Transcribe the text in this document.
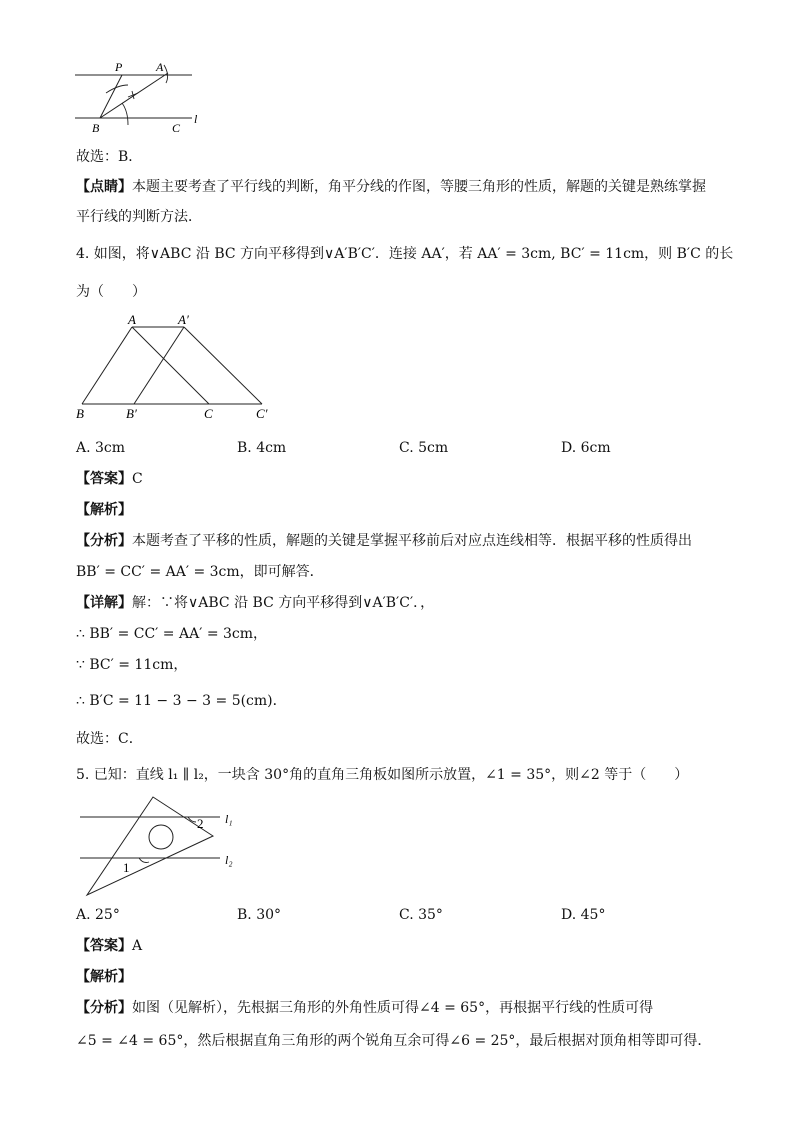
P	A
B	C
l
故选：B．
【点睛】本题主要考查了平行线的判断，角平分线的作图，等腰三角形的性质，解题的关键是熟练掌握
平行线的判断方法．
4. 如图，将∨ABC 沿 BC 方向平移得到∨A′B′C′．连接 AA′，若 AA′ = 3cm, BC′ = 11cm，则 B′C 的长
为（　　）
A	A′
B	B′	C	C′
A. 3cm	B. 4cm	C. 5cm	D. 6cm
【答案】C
【解析】
【分析】本题考查了平移的性质，解题的关键是掌握平移前后对应点连线相等．根据平移的性质得出
BB′ = CC′ = AA′ = 3cm，即可解答．
【详解】解：∵将∨ABC 沿 BC 方向平移得到∨A′B′C′．，
∴ BB′ = CC′ = AA′ = 3cm，
∵ BC′ = 11cm，
∴ B′C = 11 − 3 − 3 = 5(cm)．
故选：C．
5. 已知：直线 l₁ ∥ l₂，一块含 30°角的直角三角板如图所示放置，∠1 = 35°，则∠2 等于（　　）
2
1
l₁
l₂
A. 25°	B. 30°	C. 35°	D. 45°
【答案】A
【解析】
【分析】如图（见解析），先根据三角形的外角性质可得∠4 = 65°，再根据平行线的性质可得
∠5 = ∠4 = 65°，然后根据直角三角形的两个锐角互余可得∠6 = 25°，最后根据对顶角相等即可得．
